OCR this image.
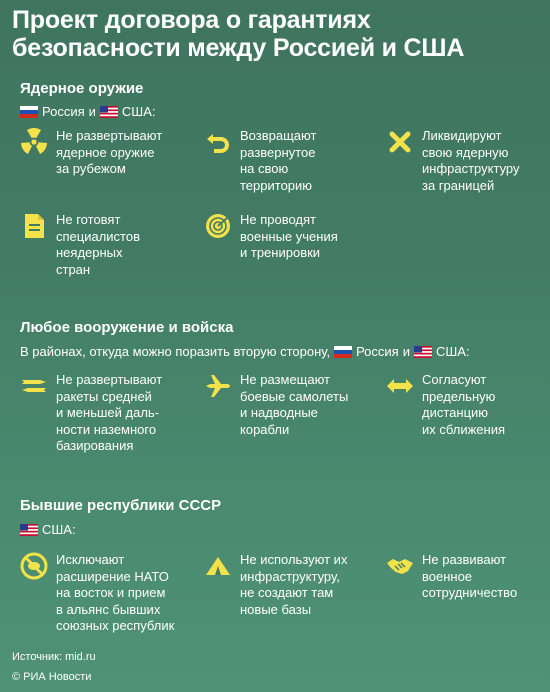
Проект договора о гарантиях безопасности между Россией и США
Ядерное оружие
Россия и США:
Не развертывают
ядерное оружие
за рубежом
Возвращают
развернутое
на свою
территорию
Ликвидируют
свою ядерную
инфраструктуру
за границей
Не готовят
специалистов
неядерных
стран
Не проводят
военные учения
и тренировки
Любое вооружение и войска
В районах, откуда можно поразить вторую сторону, Россия и США:
Не развертывают
ракеты средней
и меньшей даль-
ности наземного
базирования
Не размещают
боевые самолеты
и надводные
корабли
Согласуют
предельную
дистанцию
их сближения
Бывшие республики СССР
США:
Исключают
расширение НАТО
на восток и прием
в альянс бывших
союзных республик
Не используют их
инфраструктуру,
не создают там
новые базы
Не развивают
военное
сотрудничество
Источник: mid.ru
© РИА Новости
